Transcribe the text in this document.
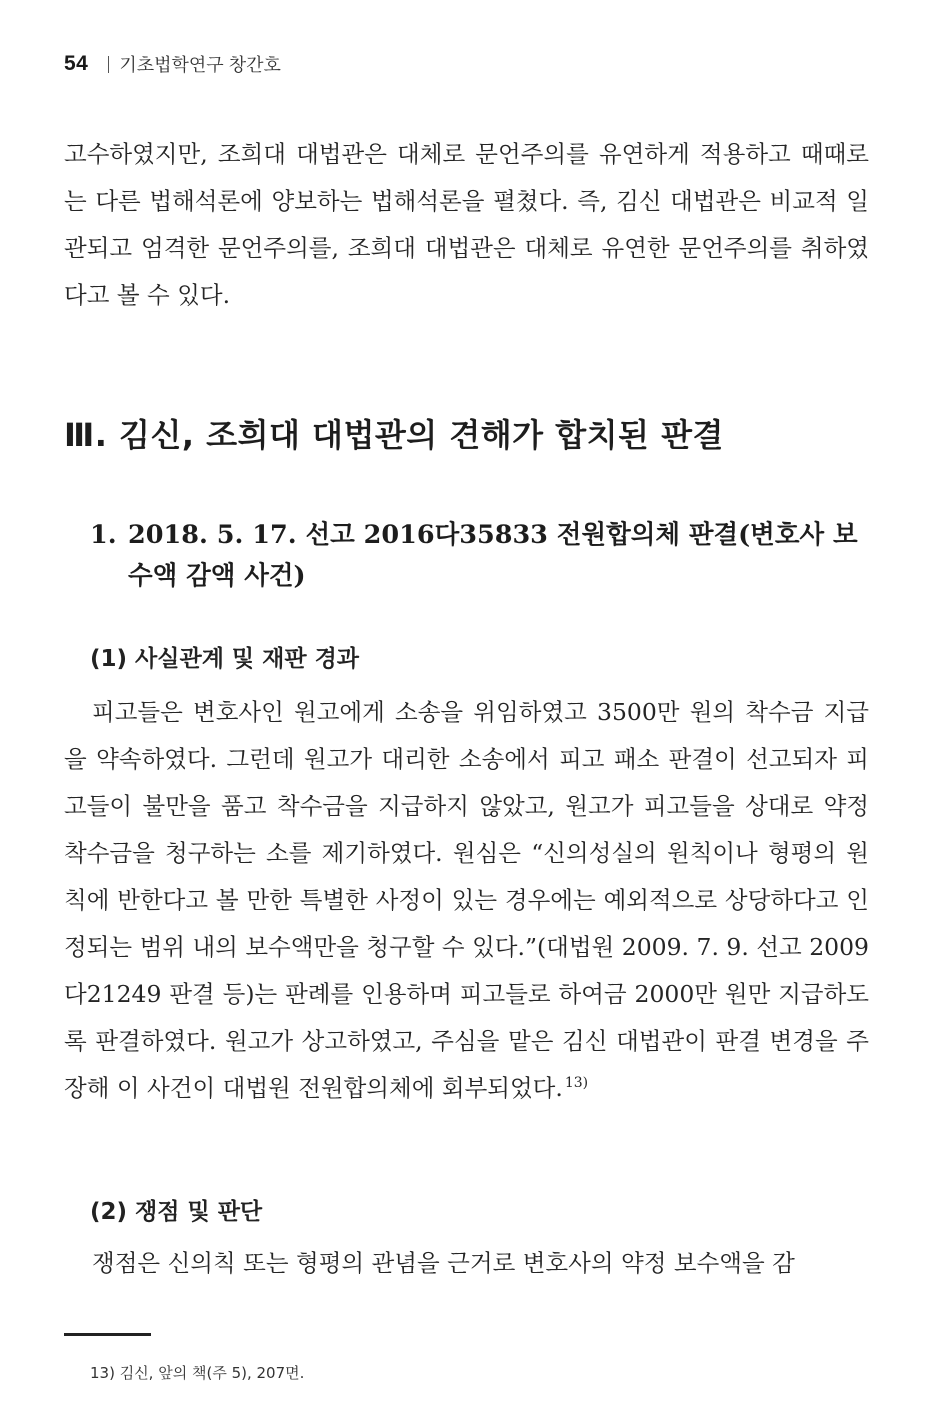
54 기초법학연구 창간호

고수하였지만, 조희대 대법관은 대체로 문언주의를 유연하게 적용하고 때때로는 다른 법해석론에 양보하는 법해석론을 펼쳤다. 즉, 김신 대법관은 비교적 일관되고 엄격한 문언주의를, 조희대 대법관은 대체로 유연한 문언주의를 취하였다고 볼 수 있다.

Ⅲ. 김신, 조희대 대법관의 견해가 합치된 판결
1. 2018. 5. 17. 선고 2016다35833 전원합의체 판결(변호사 보수액 감액 사건)
(1) 사실관계 및 재판 경과

피고들은 변호사인 원고에게 소송을 위임하였고 3500만 원의 착수금 지급을 약속하였다. 그런데 원고가 대리한 소송에서 피고 패소 판결이 선고되자 피고들이 불만을 품고 착수금을 지급하지 않았고, 원고가 피고들을 상대로 약정 착수금을 청구하는 소를 제기하였다. 원심은 “신의성실의 원칙이나 형평의 원칙에 반한다고 볼 만한 특별한 사정이 있는 경우에는 예외적으로 상당하다고 인정되는 범위 내의 보수액만을 청구할 수 있다.”(대법원 2009. 7. 9. 선고 2009다21249 판결 등)는 판례를 인용하며 피고들로 하여금 2000만 원만 지급하도록 판결하였다. 원고가 상고하였고, 주심을 맡은 김신 대법관이 판결 변경을 주장해 이 사건이 대법원 전원합의체에 회부되었다. $^{13)}$

(2) 쟁점 및 판단

쟁점은 신의칙 또는 형평의 관념을 근거로 변호사의 약정 보수액을 감

13) 김신, 앞의 책(주 5), 207면.
